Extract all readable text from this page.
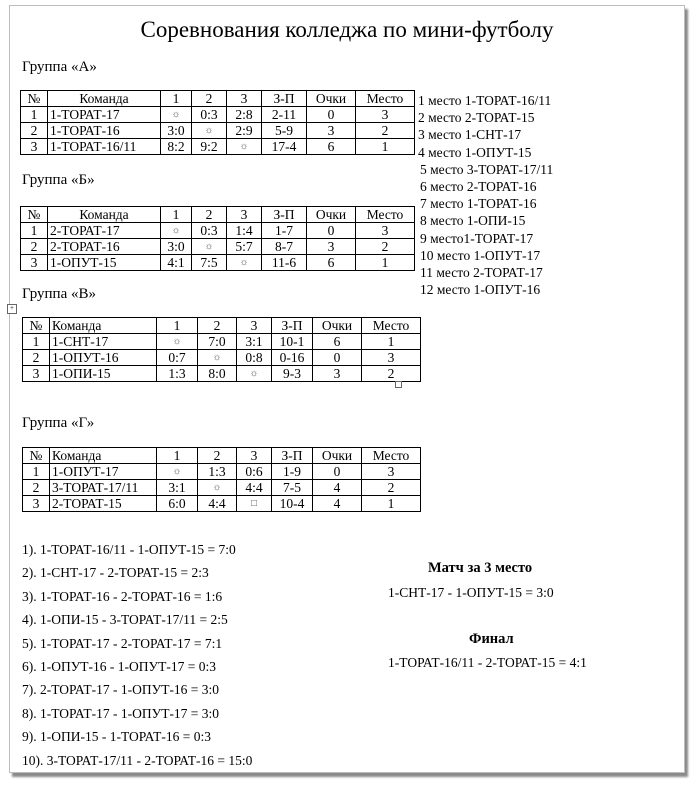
Соревнования колледжа по мини-футболу
Группа «А»
№	Команда	1	2	3	З-П	Очки	Место
1	1-ТОРАТ-17	☼	0:3	2:8	2-11	0	3
2	1-ТОРАТ-16	3:0	☼	2:9	5-9	3	2
3	1-ТОРАТ-16/11	8:2	9:2	☼	17-4	6	1
Группа «Б»
№	Команда	1	2	3	З-П	Очки	Место
1	2-ТОРАТ-17	☼	0:3	1:4	1-7	0	3
2	2-ТОРАТ-16	3:0	☼	5:7	8-7	3	2
3	1-ОПУТ-15	4:1	7:5	☼	11-6	6	1
Группа «В»
№	Команда	1	2	3	З-П	Очки	Место
1	1-СНТ-17	☼	7:0	3:1	10-1	6	1
2	1-ОПУТ-16	0:7	☼	0:8	0-16	0	3
3	1-ОПИ-15	1:3	8:0	☼	9-3	3	2
Группа «Г»
№	Команда	1	2	3	З-П	Очки	Место
1	1-ОПУТ-17	☼	1:3	0:6	1-9	0	3
2	3-ТОРАТ-17/11	3:1	☼	4:4	7-5	4	2
3	2-ТОРАТ-15	6:0	4:4	□	10-4	4	1
+
1 место 1-ТОРАТ-16/11
2 место 2-ТОРАТ-15
3 место 1-СНТ-17
4 место 1-ОПУТ-15
5 место 3-ТОРАТ-17/11
6 место 2-ТОРАТ-16
7 место 1-ТОРАТ-16
8 место 1-ОПИ-15
9 место1-ТОРАТ-17
10 место 1-ОПУТ-17
11 место 2-ТОРАТ-17
12 место 1-ОПУТ-16
1). 1-ТОРАТ-16/11 - 1-ОПУТ-15 = 7:0
2). 1-СНТ-17 - 2-ТОРАТ-15 = 2:3
3). 1-ТОРАТ-16 - 2-ТОРАТ-16 = 1:6
4). 1-ОПИ-15 - 3-ТОРАТ-17/11 = 2:5
5). 1-ТОРАТ-17 - 2-ТОРАТ-17 = 7:1
6). 1-ОПУТ-16 - 1-ОПУТ-17 = 0:3
7). 2-ТОРАТ-17 - 1-ОПУТ-16 = 3:0
8). 1-ТОРАТ-17 - 1-ОПУТ-17 = 3:0
9). 1-ОПИ-15 - 1-ТОРАТ-16 = 0:3
10). 3-ТОРАТ-17/11 - 2-ТОРАТ-16 = 15:0
Матч за 3 место
1-СНТ-17 - 1-ОПУТ-15 = 3:0
Финал
1-ТОРАТ-16/11 - 2-ТОРАТ-15 = 4:1
